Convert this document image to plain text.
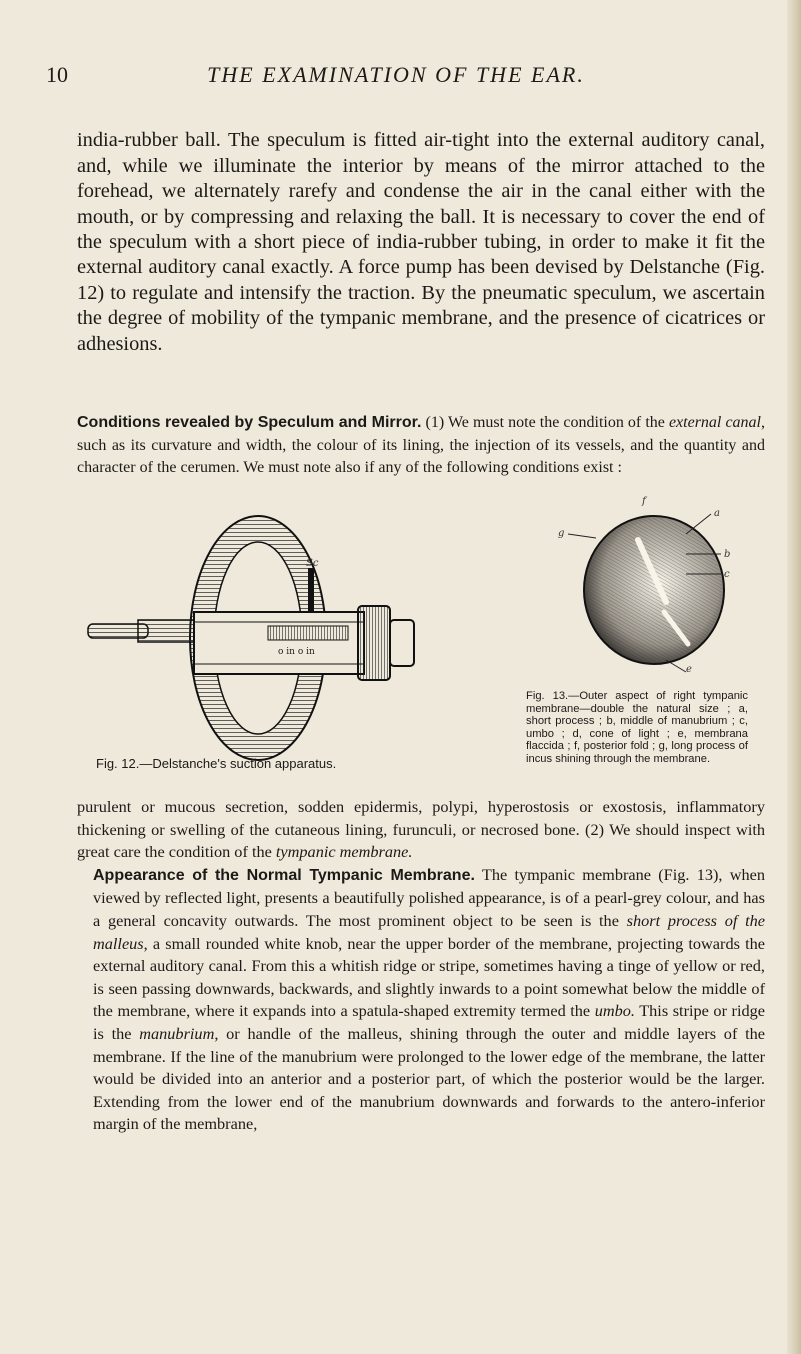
10	THE EXAMINATION OF THE EAR.

india-rubber ball. The speculum is fitted air-tight into the external auditory canal, and, while we illuminate the interior by means of the mirror attached to the forehead, we alternately rarefy and condense the air in the canal either with the mouth, or by compressing and relaxing the ball. It is necessary to cover the end of the speculum with a short piece of india-rubber tubing, in order to make it fit the external auditory canal exactly. A force pump has been devised by Delstanche (Fig. 12) to regulate and intensify the traction. By the pneumatic speculum, we ascertain the degree of mobility of the tympanic membrane, and the presence of cicatrices or adhesions.

Conditions revealed by Speculum and Mirror. (1) We must note the condition of the external canal, such as its curvature and width, the colour of its lining, the injection of its vessels, and the quantity and character of the cerumen. We must note also if any of the following conditions exist :

o in o in
Sc
Fig. 12.—Delstanche's suction apparatus.
a
b
c
g
e
f
Fig. 13.—Outer aspect of right tympanic membrane—double the natural size ; a, short process ; b, middle of manubrium ; c, umbo ; d, cone of light ; e, membrana flaccida ; f, posterior fold ; g, long process of incus shining through the membrane.
purulent or mucous secretion, sodden epidermis, polypi, hyperostosis or exostosis, inflammatory thickening or swelling of the cutaneous lining, furunculi, or necrosed bone. (2) We should inspect with great care the condition of the tympanic membrane.
Appearance of the Normal Tympanic Membrane. The tympanic membrane (Fig. 13), when viewed by reflected light, presents a beautifully polished appearance, is of a pearl-grey colour, and has a general concavity outwards. The most prominent object to be seen is the short process of the malleus, a small rounded white knob, near the upper border of the membrane, projecting towards the external auditory canal. From this a whitish ridge or stripe, sometimes having a tinge of yellow or red, is seen passing downwards, backwards, and slightly inwards to a point somewhat below the middle of the membrane, where it expands into a spatula-shaped extremity termed the umbo. This stripe or ridge is the manubrium, or handle of the malleus, shining through the outer and middle layers of the membrane. If the line of the manubrium were prolonged to the lower edge of the membrane, the latter would be divided into an anterior and a posterior part, of which the posterior would be the larger. Extending from the lower end of the manubrium downwards and forwards to the antero-inferior margin of the membrane,
